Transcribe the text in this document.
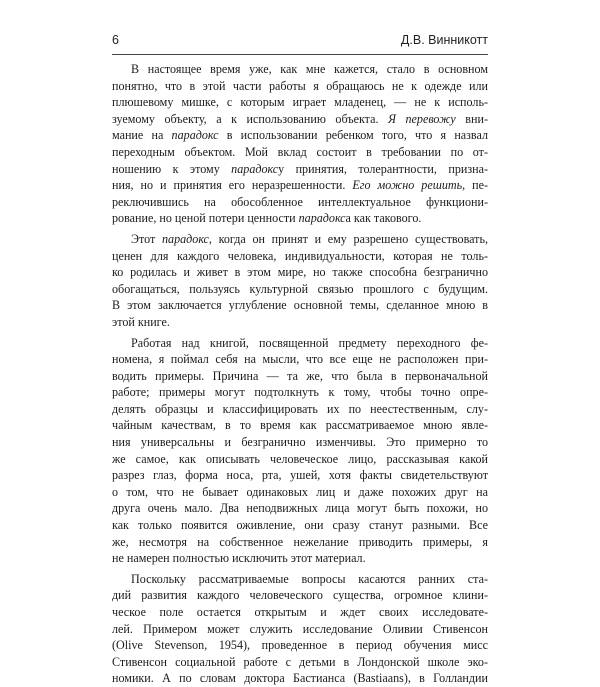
6	Д.В. Винникотт
В настоящее время уже, как мне кажется, стало в основном
понятно, что в этой части работы я обращаюсь не к одежде или
плюшевому мишке, с которым играет младенец, — не к исполь-
зуемому объекту, а к использованию объекта. Я перевожу вни-
мание на парадокс в использовании ребенком того, что я назвал
переходным объектом. Мой вклад состоит в требовании по от-
ношению к этому парадоксу принятия, толерантности, призна-
ния, но и принятия его неразрешенности. Его можно решить, пе-
реключившись на обособленное интеллектуальное функциони-
рование, но ценой потери ценности парадокса как такового.
Этот парадокс, когда он принят и ему разрешено существовать,
ценен для каждого человека, индивидуальности, которая не толь-
ко родилась и живет в этом мире, но также способна безгранично
обогащаться, пользуясь культурной связью прошлого с будущим.
В этом заключается углубление основной темы, сделанное мною в
этой книге.
Работая над книгой, посвященной предмету переходного фе-
номена, я поймал себя на мысли, что все еще не расположен при-
водить примеры. Причина — та же, что была в первоначальной
работе; примеры могут подтолкнуть к тому, чтобы точно опре-
делять образцы и классифицировать их по неестественным, слу-
чайным качествам, в то время как рассматриваемое мною явле-
ния универсальны и безгранично изменчивы. Это примерно то
же самое, как описывать человеческое лицо, рассказывая какой
разрез глаз, форма носа, рта, ушей, хотя факты свидетельствуют
о том, что не бывает одинаковых лиц и даже похожих друг на
друга очень мало. Два неподвижных лица могут быть похожи, но
как только появится оживление, они сразу станут разными. Все
же, несмотря на собственное нежелание приводить примеры, я
не намерен полностью исключить этот материал.
Поскольку рассматриваемые вопросы касаются ранних ста-
дий развития каждого человеческого существа, огромное клини-
ческое поле остается открытым и ждет своих исследовате-
лей. Примером может служить исследование Оливии Стивенсон
(Olive Stevenson, 1954), проведенное в период обучения мисс
Стивенсон социальной работе с детьми в Лондонской школе эко-
номики. А по словам доктора Бастианса (Bastiaans), в Голландии
